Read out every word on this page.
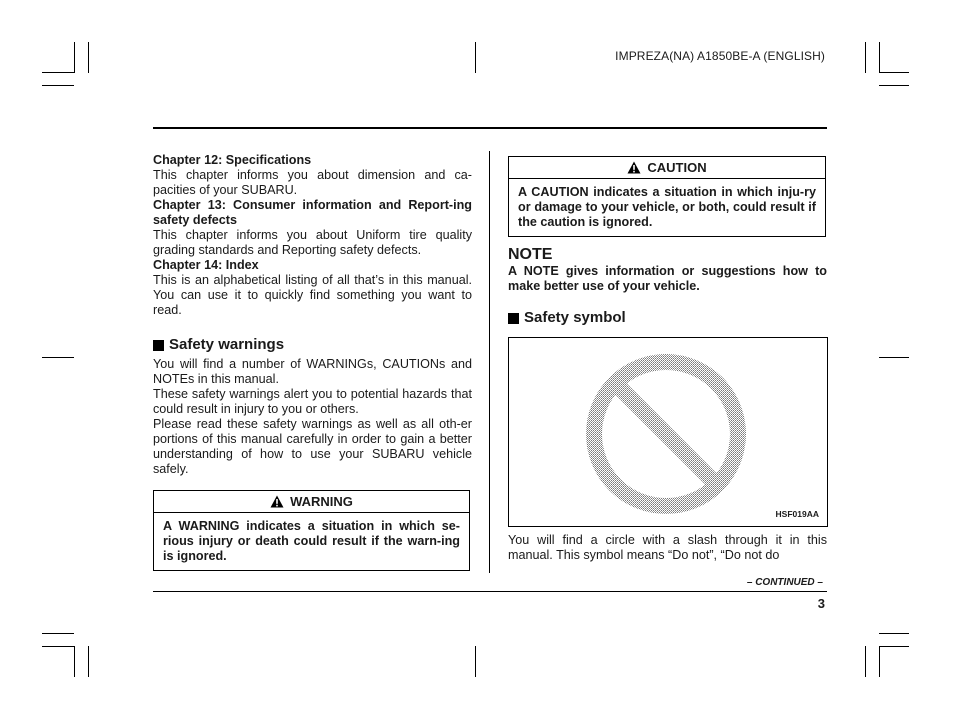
IMPREZA(NA) A1850BE-A (ENGLISH)

Chapter 12: Specifications

This chapter informs you about dimension and ca-pacities of your SUBARU.

Chapter 13: Consumer information and Report-ing safety defects

This chapter informs you about Uniform tire quality grading standards and Reporting safety defects.

Chapter 14: Index

This is an alphabetical listing of all that’s in this manual. You can use it to quickly find something you want to read.

Safety warnings

You will find a number of WARNINGs, CAUTIONs and NOTEs in this manual.

These safety warnings alert you to potential hazards that could result in injury to you or others.

Please read these safety warnings as well as all oth-er portions of this manual carefully in order to gain a better understanding of how to use your SUBARU vehicle safely.

WARNING
A WARNING indicates a situation in which se-rious injury or death could result if the warn-ing is ignored.
CAUTION
A CAUTION indicates a situation in which inju-ry or damage to your vehicle, or both, could result if the caution is ignored.
NOTE

A NOTE gives information or suggestions how to make better use of your vehicle.

Safety symbol
HSF019AA
You will find a circle with a slash through it in this manual. This symbol means “Do not”, “Do not do
– CONTINUED –
3
